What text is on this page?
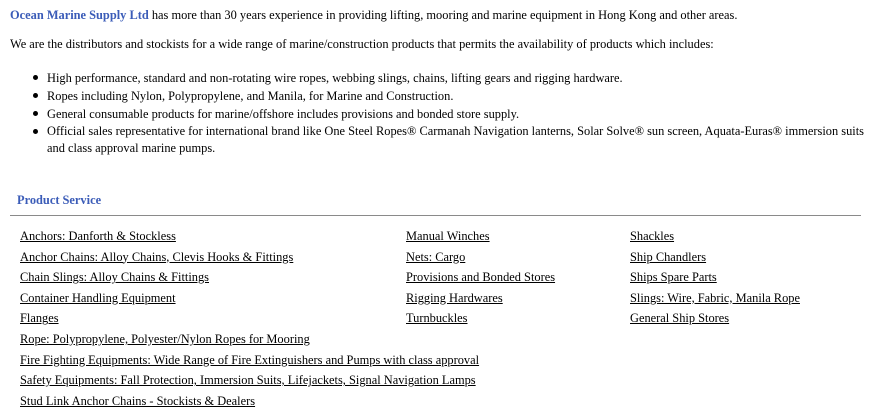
Ocean Marine Supply Ltd has more than 30 years experience in providing lifting, mooring and marine equipment in Hong Kong and other areas.

We are the distributors and stockists for a wide range of marine/construction products that permits the availability of products which includes:

High performance, standard and non-rotating wire ropes, webbing slings, chains, lifting gears and rigging hardware.
Ropes including Nylon, Polypropylene, and Manila, for Marine and Construction.
General consumable products for marine/offshore includes provisions and bonded store supply.
Official sales representative for international brand like One Steel Ropes® Carmanah Navigation lanterns, Solar Solve® sun screen, Aquata-Euras® immersion suits and class approval marine pumps.
Product Service
Anchors: Danforth & Stockless
Anchor Chains: Alloy Chains, Clevis Hooks & Fittings
Chain Slings: Alloy Chains & Fittings
Container Handling Equipment
Flanges
Rope: Polypropylene, Polyester/Nylon Ropes for Mooring
Fire Fighting Equipments: Wide Range of Fire Extinguishers and Pumps with class approval
Safety Equipments: Fall Protection, Immersion Suits, Lifejackets, Signal Navigation Lamps
Stud Link Anchor Chains - Stockists & Dealers
Manual Winches
Nets: Cargo
Provisions and Bonded Stores
Rigging Hardwares
Turnbuckles
Shackles
Ship Chandlers
Ships Spare Parts
Slings: Wire, Fabric, Manila Rope
General Ship Stores
